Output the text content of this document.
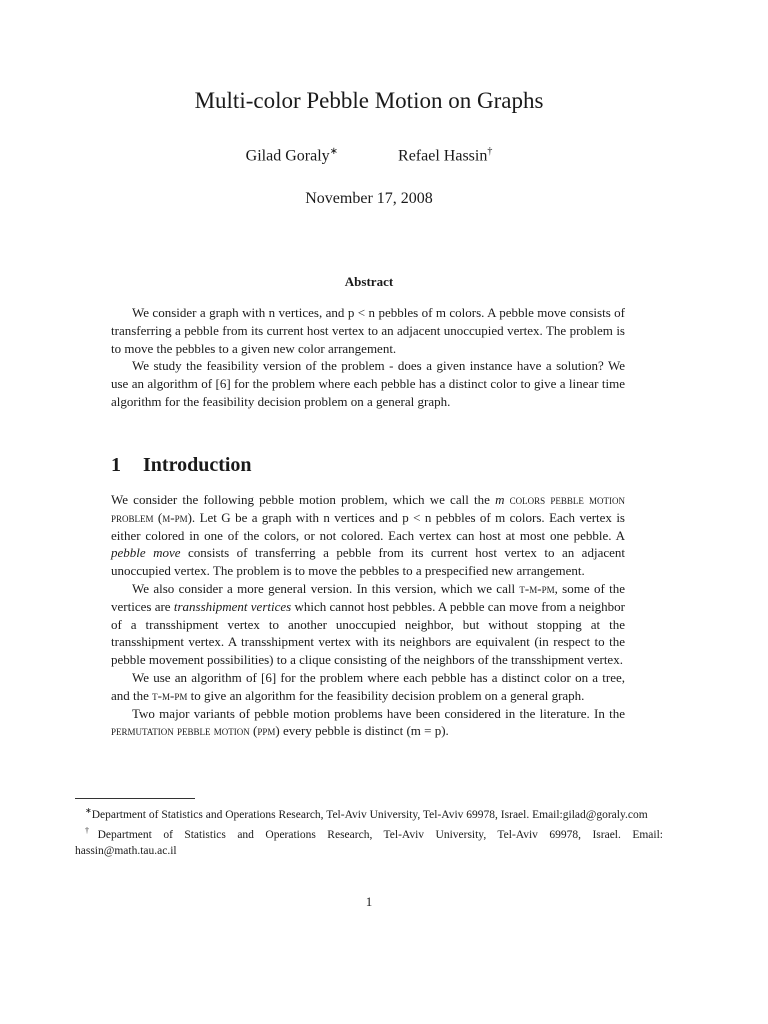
Multi-color Pebble Motion on Graphs
Gilad Goraly∗	Refael Hassin†
November 17, 2008
Abstract

We consider a graph with n vertices, and p < n pebbles of m colors. A pebble move consists of transferring a pebble from its current host vertex to an adjacent unoccupied vertex. The problem is to move the pebbles to a given new color arrangement.

We study the feasibility version of the problem - does a given instance have a solution? We use an algorithm of [6] for the problem where each pebble has a distinct color to give a linear time algorithm for the feasibility decision problem on a general graph.

1 Introduction

We consider the following pebble motion problem, which we call the m colors pebble motion problem (m-pm). Let G be a graph with n vertices and p < n pebbles of m colors. Each vertex is either colored in one of the colors, or not colored. Each vertex can host at most one pebble. A pebble move consists of transferring a pebble from its current host vertex to an adjacent unoccupied vertex. The problem is to move the pebbles to a prespecified new arrangement.

We also consider a more general version. In this version, which we call t-m-pm, some of the vertices are transshipment vertices which cannot host pebbles. A pebble can move from a neighbor of a transshipment vertex to another unoccupied neighbor, but without stopping at the transshipment vertex. A transshipment vertex with its neighbors are equivalent (in respect to the pebble movement possibilities) to a clique consisting of the neighbors of the transshipment vertex.

We use an algorithm of [6] for the problem where each pebble has a distinct color on a tree, and the t-m-pm to give an algorithm for the feasibility decision problem on a general graph.

Two major variants of pebble motion problems have been considered in the literature. In the permutation pebble motion (ppm) every pebble is distinct (m = p).

∗Department of Statistics and Operations Research, Tel-Aviv University, Tel-Aviv 69978, Israel. Email:gilad@goraly.com

†Department of Statistics and Operations Research, Tel-Aviv University, Tel-Aviv 69978, Israel. Email: hassin@math.tau.ac.il

1
